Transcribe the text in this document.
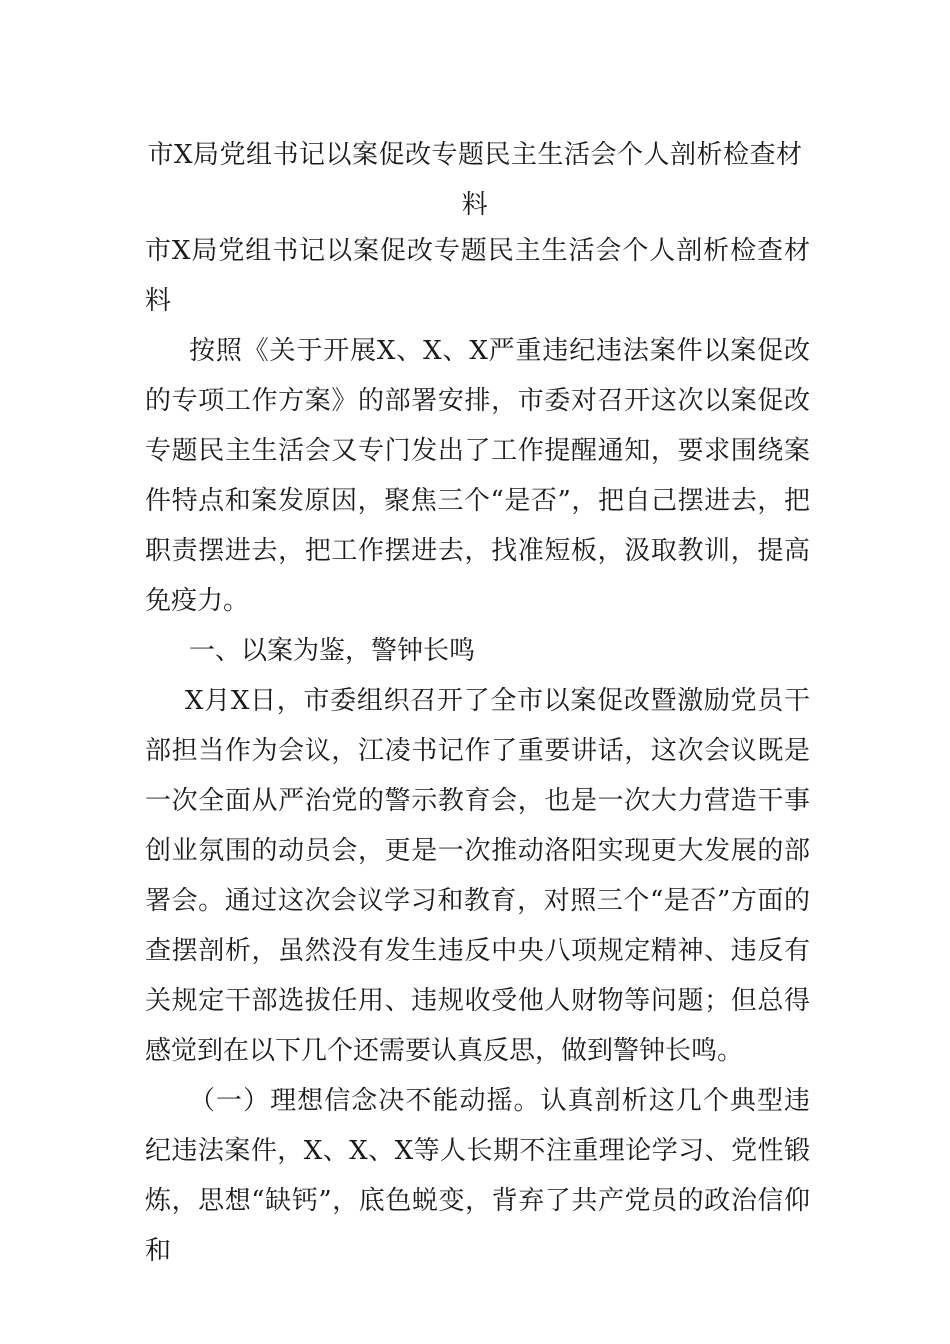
市X局党组书记以案促改专题民主生活会个人剖析检查材料

市X局党组书记以案促改专题民主生活会个人剖析检查材料

按照《关于开展X、X、X严重违纪违法案件以案促改的专项工作方案》的部署安排，市委对召开这次以案促改专题民主生活会又专门发出了工作提醒通知，要求围绕案件特点和案发原因，聚焦三个“是否”，把自己摆进去，把职责摆进去，把工作摆进去，找准短板，汲取教训，提高免疫力。

一、以案为鉴，警钟长鸣

X月X日，市委组织召开了全市以案促改暨激励党员干部担当作为会议，江凌书记作了重要讲话，这次会议既是一次全面从严治党的警示教育会，也是一次大力营造干事创业氛围的动员会，更是一次推动洛阳实现更大发展的部署会。通过这次会议学习和教育，对照三个“是否”方面的查摆剖析，虽然没有发生违反中央八项规定精神、违反有关规定干部选拔任用、违规收受他人财物等问题；但总得感觉到在以下几个还需要认真反思，做到警钟长鸣。

（一）理想信念决不能动摇。认真剖析这几个典型违纪违法案件，X、X、X等人长期不注重理论学习、党性锻炼，思想“缺钙”，底色蜕变，背弃了共产党员的政治信仰和
